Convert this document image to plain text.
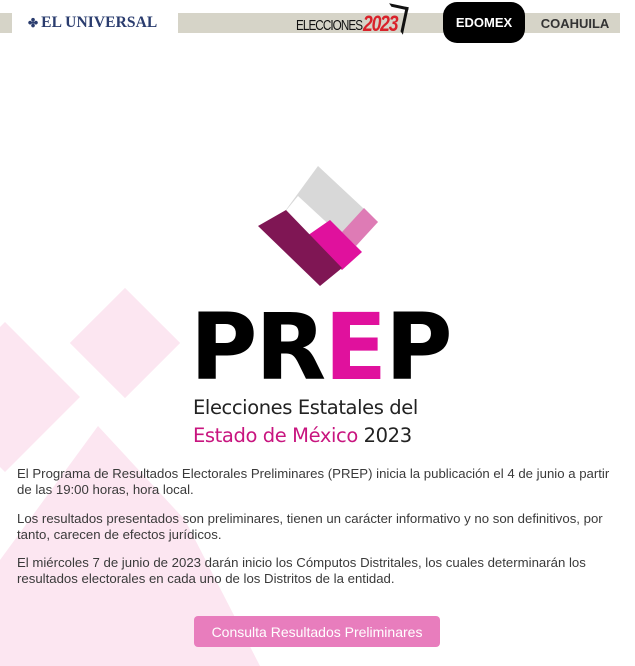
✤ EL UNIVERSAL	ELECCIONES 2023	EDOMEX	COAHUILA
PREP
Elecciones Estatales del
Estado de México 2023

El Programa de Resultados Electorales Preliminares (PREP) inicia la publicación el 4 de junio a partir de las 19:00 horas, hora local.

Los resultados presentados son preliminares, tienen un carácter informativo y no son definitivos, por tanto, carecen de efectos jurídicos.

El miércoles 7 de junio de 2023 darán inicio los Cómputos Distritales, los cuales determinarán los resultados electorales en cada uno de los Distritos de la entidad.

Consulta Resultados Preliminares
